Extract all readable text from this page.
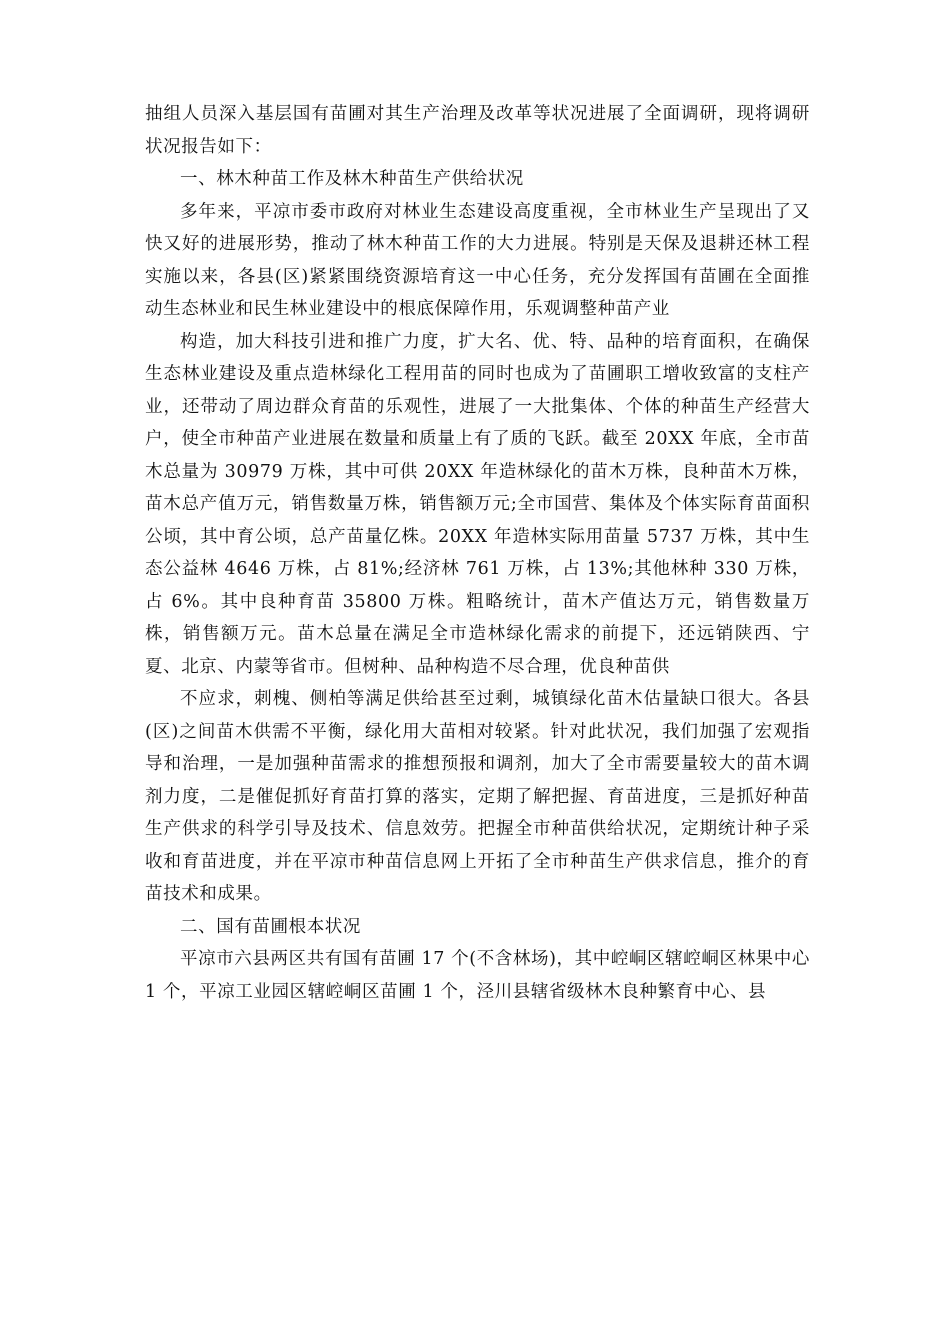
抽组人员深入基层国有苗圃对其生产治理及改革等状况进展了全面调研，现将调研状况报告如下：

一、林木种苗工作及林木种苗生产供给状况

多年来，平凉市委市政府对林业生态建设高度重视，全市林业生产呈现出了又快又好的进展形势，推动了林木种苗工作的大力进展。特别是天保及退耕还林工程实施以来，各县(区)紧紧围绕资源培育这一中心任务，充分发挥国有苗圃在全面推动生态林业和民生林业建设中的根底保障作用，乐观调整种苗产业

构造，加大科技引进和推广力度，扩大名、优、特、品种的培育面积，在确保生态林业建设及重点造林绿化工程用苗的同时也成为了苗圃职工增收致富的支柱产业，还带动了周边群众育苗的乐观性，进展了一大批集体、个体的种苗生产经营大户，使全市种苗产业进展在数量和质量上有了质的飞跃。截至 20XX 年底，全市苗木总量为 30979 万株，其中可供 20XX 年造林绿化的苗木万株，良种苗木万株，苗木总产值万元，销售数量万株，销售额万元;全市国营、集体及个体实际育苗面积公顷，其中育公顷，总产苗量亿株。20XX 年造林实际用苗量 5737 万株，其中生态公益林 4646 万株，占 81%;经济林 761 万株，占 13%;其他林种 330 万株，占 6%。其中良种育苗 35800 万株。粗略统计，苗木产值达万元，销售数量万株，销售额万元。苗木总量在满足全市造林绿化需求的前提下，还远销陕西、宁夏、北京、内蒙等省市。但树种、品种构造不尽合理，优良种苗供

不应求，刺槐、侧柏等满足供给甚至过剩，城镇绿化苗木估量缺口很大。各县(区)之间苗木供需不平衡，绿化用大苗相对较紧。针对此状况，我们加强了宏观指导和治理，一是加强种苗需求的推想预报和调剂，加大了全市需要量较大的苗木调剂力度，二是催促抓好育苗打算的落实，定期了解把握、育苗进度，三是抓好种苗生产供求的科学引导及技术、信息效劳。把握全市种苗供给状况，定期统计种子采收和育苗进度，并在平凉市种苗信息网上开拓了全市种苗生产供求信息，推介的育苗技术和成果。

二、国有苗圃根本状况

平凉市六县两区共有国有苗圃 17 个(不含林场)，其中崆峒区辖崆峒区林果中心 1 个，平凉工业园区辖崆峒区苗圃 1 个，泾川县辖省级林木良种繁育中心、县
